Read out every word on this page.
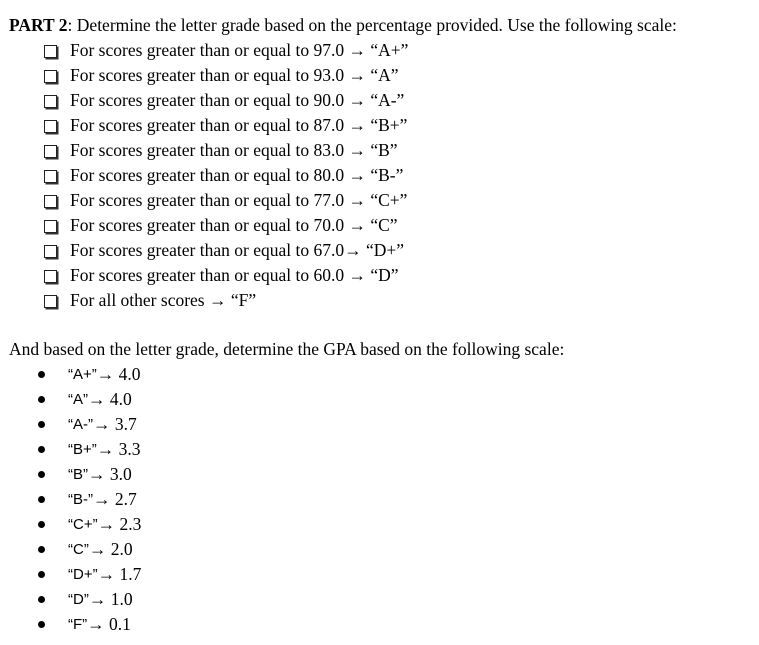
PART 2: Determine the letter grade based on the percentage provided. Use the following scale:
For scores greater than or equal to 97.0 → “A+”
For scores greater than or equal to 93.0 → “A”
For scores greater than or equal to 90.0 → “A-”
For scores greater than or equal to 87.0 → “B+”
For scores greater than or equal to 83.0 → “B”
For scores greater than or equal to 80.0 → “B-”
For scores greater than or equal to 77.0 → “C+”
For scores greater than or equal to 70.0 → “C”
For scores greater than or equal to 67.0→ “D+”
For scores greater than or equal to 60.0 → “D”
For all other scores → “F”
And based on the letter grade, determine the GPA based on the following scale:
“A+” → 4.0
“A” → 4.0
“A-” → 3.7
“B+” → 3.3
“B” → 3.0
“B-” → 2.7
“C+” → 2.3
“C” → 2.0
“D+” → 1.7
“D” → 1.0
“F” → 0.1
